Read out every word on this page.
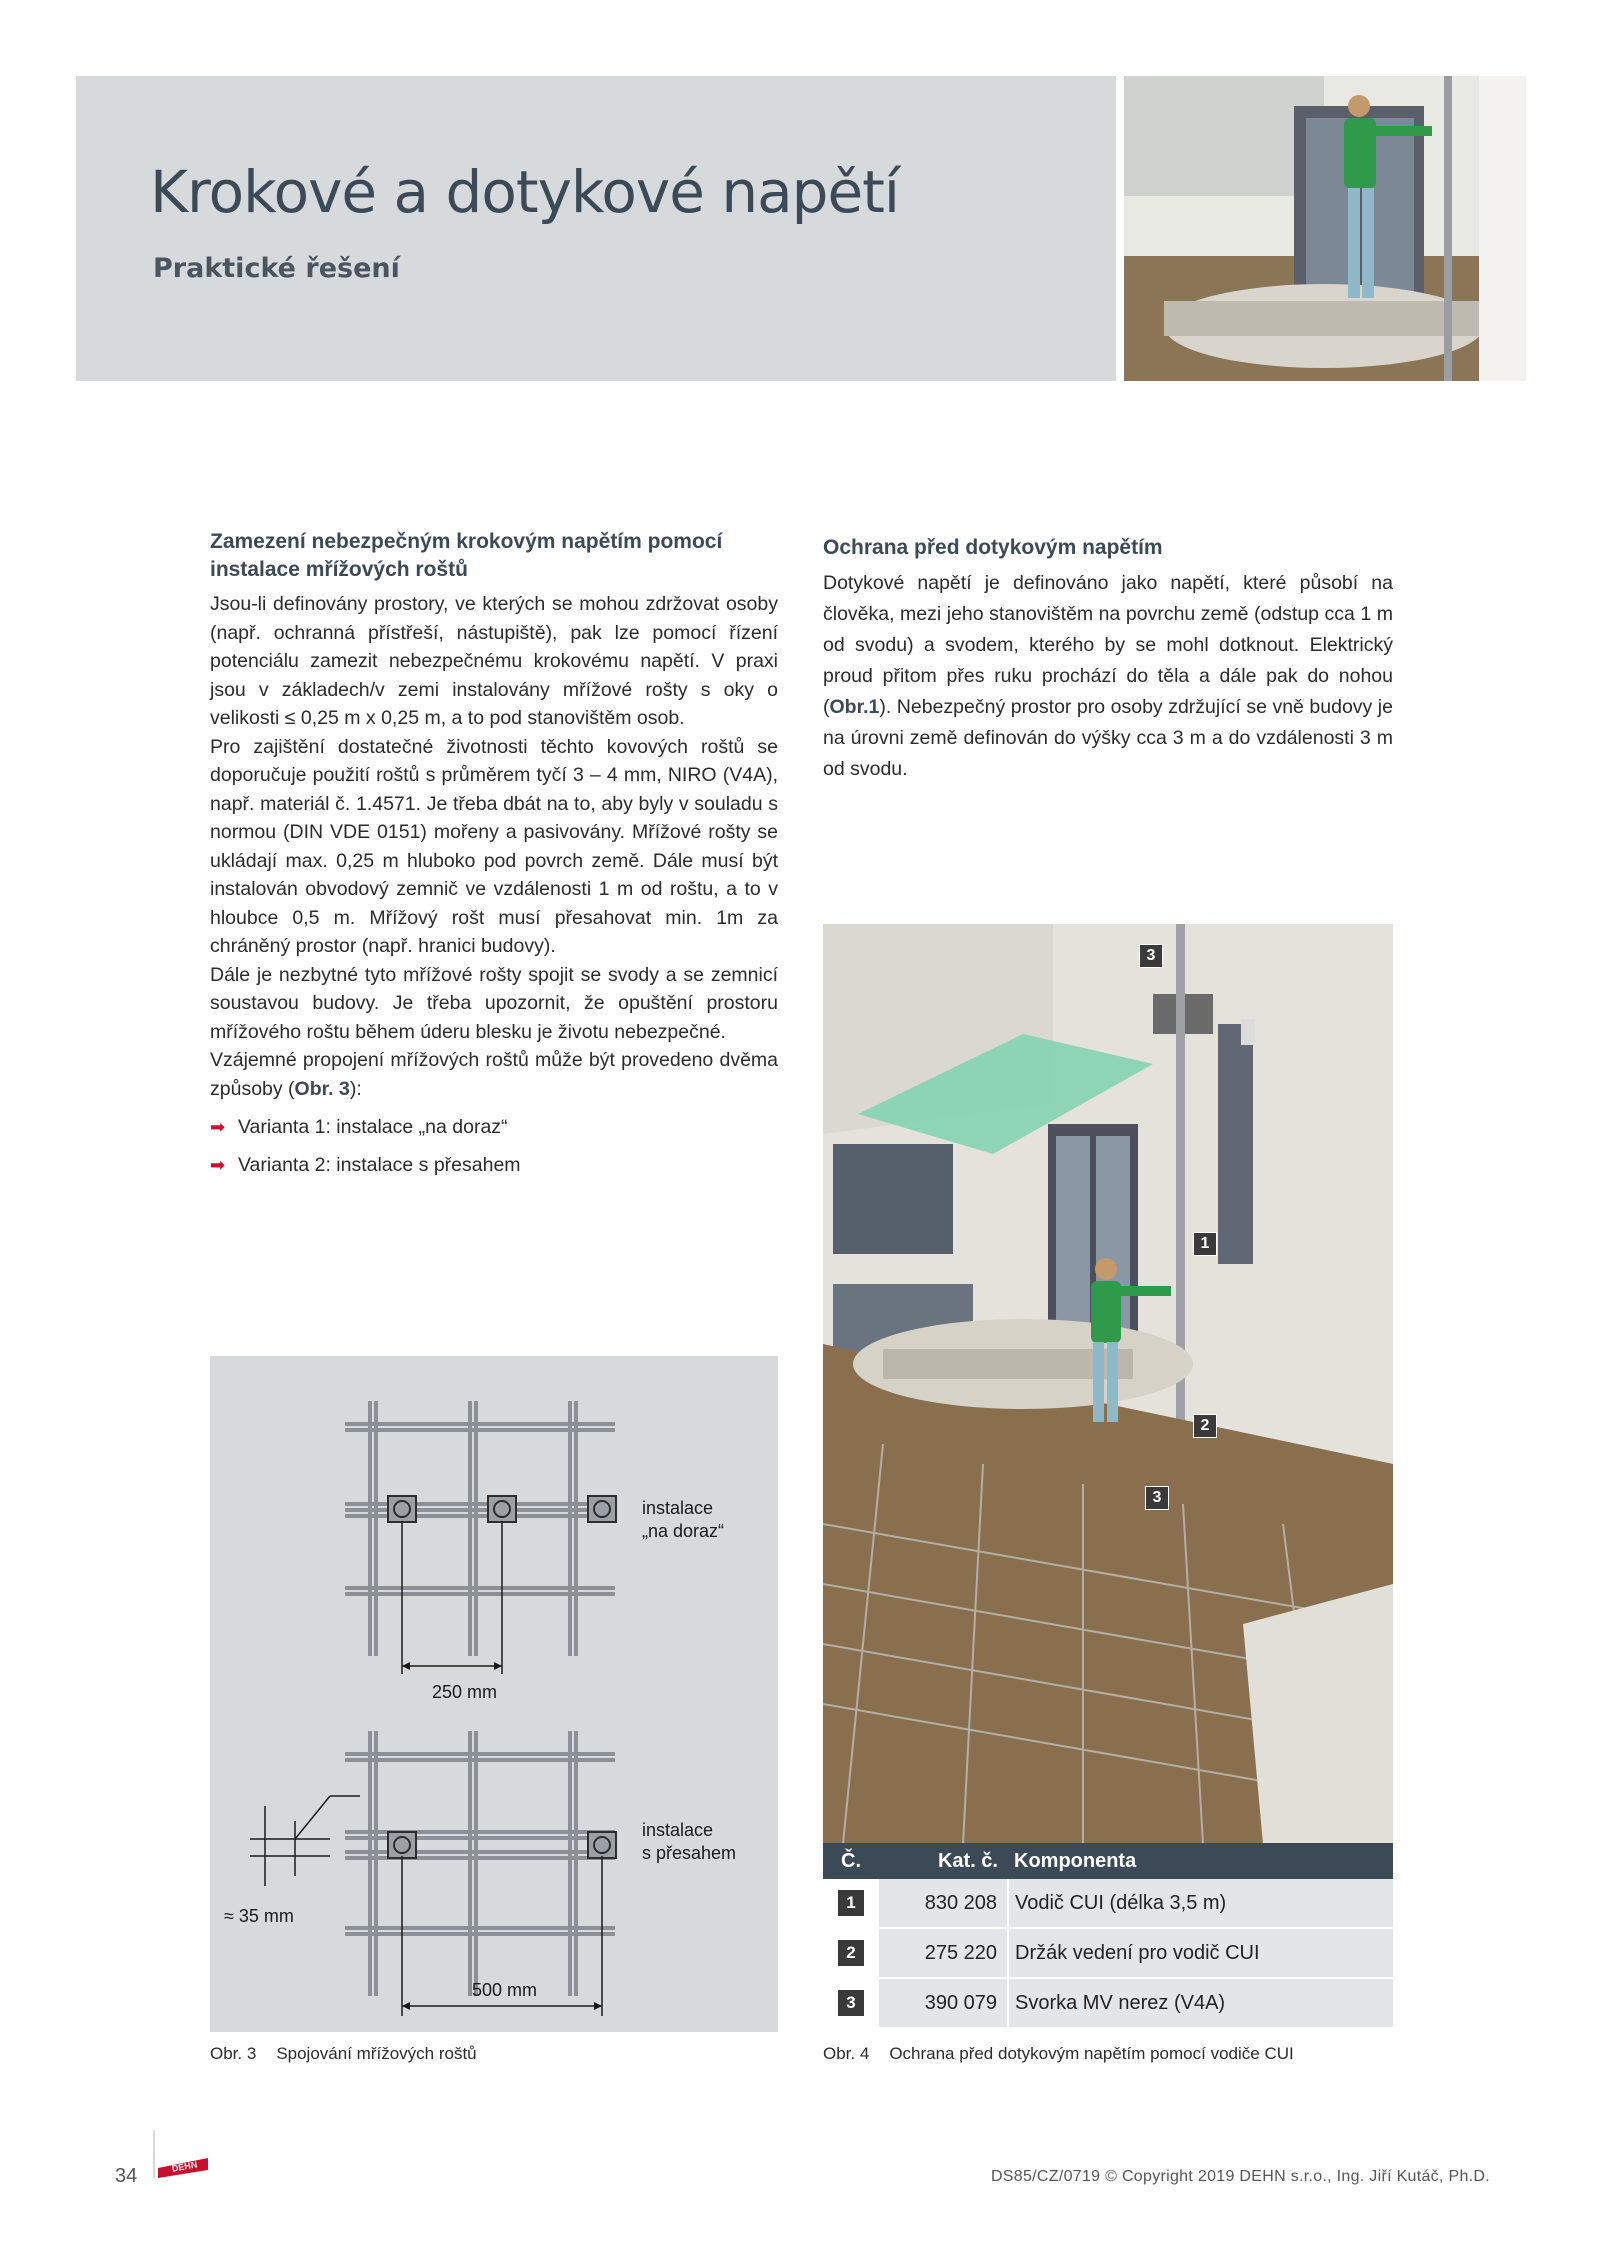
Krokové a dotykové napětí
Praktické řešení
Zamezení nebezpečným krokovým napětím pomocí instalace mřížových roštů

Jsou-li definovány prostory, ve kterých se mohou zdržovat osoby (např. ochranná přístřeší, nástupiště), pak lze pomocí řízení potenciálu zamezit nebezpečnému krokovému napětí. V praxi jsou v základech/v zemi instalovány mřížové rošty s oky o velikosti ≤ 0,25 m x 0,25 m, a to pod stanovištěm osob.

Pro zajištění dostatečné životnosti těchto kovových roštů se doporučuje použití roštů s průměrem tyčí 3 – 4 mm, NIRO (V4A), např. materiál č. 1.4571. Je třeba dbát na to, aby byly v souladu s normou (DIN VDE 0151) mořeny a pasivovány. Mřížové rošty se ukládají max. 0,25 m hluboko pod povrch země. Dále musí být instalován obvodový zemnič ve vzdálenosti 1 m od roštu, a to v hloubce 0,5 m. Mřížový rošt musí přesahovat min. 1m za chráněný prostor (např. hranici budovy).

Dále je nezbytné tyto mřížové rošty spojit se svody a se zemnicí soustavou budovy. Je třeba upozornit, že opuštění prostoru mřížového roštu během úderu blesku je životu nebezpečné.

Vzájemné propojení mřížových roštů může být provedeno dvěma způsoby (Obr. 3):

➡ Varianta 1: instalace „na doraz“
➡ Varianta 2: instalace s přesahem
Ochrana před dotykovým napětím

Dotykové napětí je definováno jako napětí, které působí na člověka, mezi jeho stanovištěm na povrchu země (odstup cca 1 m od svodu) a svodem, kterého by se mohl dotknout. Elektrický proud přitom přes ruku prochází do těla a dále pak do nohou (Obr.1). Nebezpečný prostor pro osoby zdržující se vně budovy je na úrovni země definován do výšky cca 3 m a do vzdálenosti 3 m od svodu.

250 mm
500 mm
≈ 35 mm
instalace
„na doraz“
instalace
s přesahem
Obr. 3 Spojování mřížových roštů
3
1
2
3
Č.	Kat. č.	Komponenta
1	830 208	Vodič CUI (délka 3,5 m)
2	275 220	Držák vedení pro vodič CUI
3	390 079	Svorka MV nerez (V4A)
Obr. 4 Ochrana před dotykovým napětím pomocí vodiče CUI
34	DEHN
DS85/CZ/0719 © Copyright 2019 DEHN s.r.o., Ing. Jiří Kutáč, Ph.D.
